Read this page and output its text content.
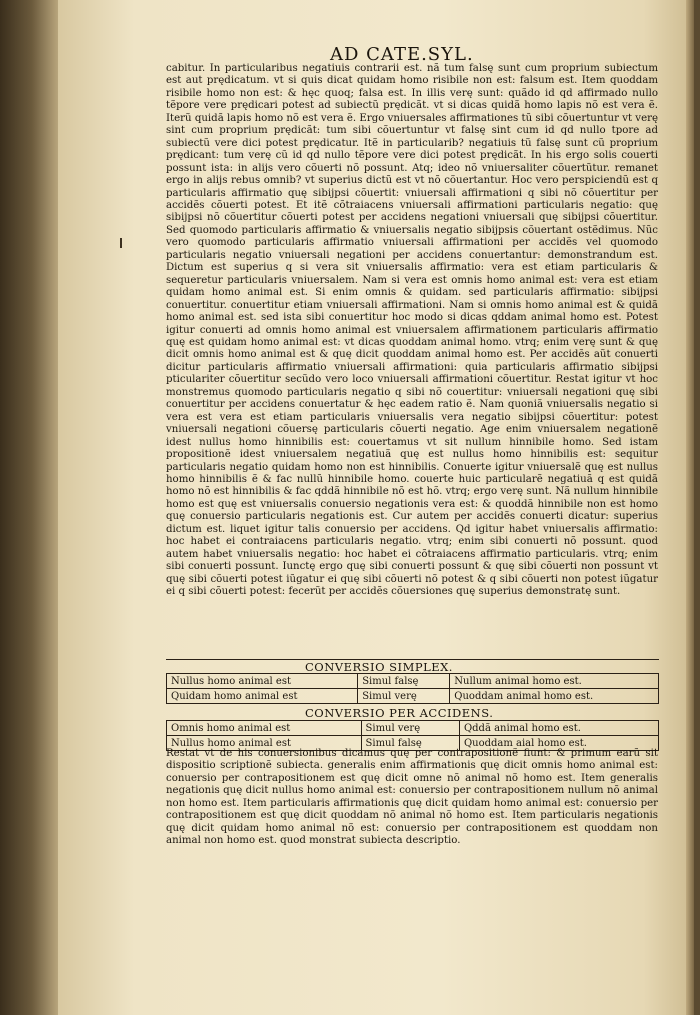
AD CATE.SYL.

cabitur. In particularibus negatiuis contrarii est. nã tum falsę sunt cum proprium subiectum est aut prędicatum. vt si quis dicat quidam homo risibile non est: falsum est. Item quoddam risibile homo non est: & hęc quoq; falsa est. In illis verę sunt: quãdo id qd affirmado nullo tẽpore vere prędicari potest ad subiectũ prędicãt. vt si dicas quidã homo lapis nõ est vera ẽ. Iterũ quidã lapis homo nõ est vera ẽ. Ergo vniuersales affirmationes tũ sibi cõuertuntur vt verę sint cum proprium prędicãt: tum sibi cõuertuntur vt falsę sint cum id qd nullo tpore ad subiectũ vere dici potest prędicatur. Itẽ in particularib? negatiuis tũ falsę sunt cũ proprium prędicant: tum verę cũ id qd nullo tẽpore vere dici potest prędicãt. In his ergo solis couerti possunt ista: in alijs vero cõuerti nõ possunt. Atq; ideo nõ vniuersaliter cõuertũtur. remanet ergo in alijs rebus omnib? vt superius dictũ est vt nõ cõuertantur. Hoc vero perspiciendũ est q particularis affirmatio quę sibijpsi cõuertit: vniuersali affirmationi q sibi nõ cõuertitur per accidẽs cõuerti potest. Et itẽ cõtraiacens vniuersali affirmationi particularis negatio: quę sibijpsi nõ cõuertitur cõuerti potest per accidens negationi vniuersali quę sibijpsi cõuertitur. Sed quomodo particularis affirmatio & vniuersalis negatio sibijpsis cõuertant ostẽdimus. Nũc vero quomodo particularis affirmatio vniuersali affirmationi per accidẽs vel quomodo particularis negatio vniuersali negationi per accidens conuertantur: demonstrandum est. Dictum est superius q si vera sit vniuersalis affirmatio: vera est etiam particularis & sequeretur particularis vniuersalem. Nam si vera est omnis homo animal est: vera est etiam quidam homo animal est. Si enim omnis & quidam. sed particularis affirmatio: sibijpsi conuertitur. conuertitur etiam vniuersali affirmationi. Nam si omnis homo animal est & quidã homo animal est. sed ista sibi conuertitur hoc modo si dicas qddam animal homo est. Potest igitur conuerti ad omnis homo animal est vniuersalem affirmationem particularis affirmatio quę est quidam homo animal est: vt dicas quoddam animal homo. vtrq; enim verę sunt & quę dicit omnis homo animal est & quę dicit quoddam animal homo est. Per accidẽs aũt conuerti dicitur particularis affirmatio vniuersali affirmationi: quia particularis affirmatio sibijpsi pticulariter cõuertitur secũdo vero loco vniuersali affirmationi cõuertitur. Restat igitur vt hoc monstremus quomodo particularis negatio q sibi nõ couertitur: vniuersali negationi quę sibi conuertitur per accidens conuertatur & hęc eadem ratio ẽ. Nam quoniã vniuersalis negatio si vera est vera est etiam particularis vniuersalis vera negatio sibijpsi cõuertitur: potest vniuersali negationi cõuersę particularis cõuerti negatio. Age enim vniuersalem negationẽ idest nullus homo hinnibilis est: couertamus vt sit nullum hinnibile homo. Sed istam propositionẽ idest vniuersalem negatiuã quę est nullus homo hinnibilis est: sequitur particularis negatio quidam homo non est hinnibilis. Conuerte igitur vniuersalẽ quę est nullus homo hinnibilis ẽ & fac nullũ hinnibile homo. couerte huic particularẽ negatiuã q est quidã homo nõ est hinnibilis & fac qddã hinnibile nõ est hõ. vtrq; ergo verę sunt. Nã nullum hinnibile homo est quę est vniuersalis conuersio negationis vera est: & quoddã hinnibile non est homo quę conuersio particularis negationis est. Cur autem per accidẽs conuerti dicatur: superius dictum est. liquet igitur talis conuersio per accidens. Qd igitur habet vniuersalis affirmatio: hoc habet ei contraiacens particularis negatio. vtrq; enim sibi conuerti nõ possunt. quod autem habet vniuersalis negatio: hoc habet ei cõtraiacens affirmatio particularis. vtrq; enim sibi conuerti possunt. Iunctę ergo quę sibi conuerti possunt & quę sibi cõuerti non possunt vt quę sibi cõuerti potest iũgatur ei quę sibi cõuerti nõ potest & q sibi cõuerti non potest iũgatur ei q sibi cõuerti potest: fecerũt per accidẽs cõuersiones quę superius demonstratę sunt.

CONVERSIO SIMPLEX.
Nullus homo animal est	Simul falsę	Nullum animal homo est.
Quidam homo animal est	Simul verę	Quoddam animal homo est.
CONVERSIO PER ACCIDENS.
Omnis homo animal est	Simul verę	Qddã animal homo est.
Nullus homo animal est	Simul falsę	Quoddam aial homo est.

Restat vt de his conuersionibus dicamus quę per contrapositionẽ fiunt: & primum earũ sit dispositio scriptionẽ subiecta. generalis enim affirmationis quę dicit omnis homo animal est: conuersio per contrapositionem est quę dicit omne nõ animal nõ homo est. Item generalis negationis quę dicit nullus homo animal est: conuersio per contrapositionem nullum nõ animal non homo est. Item particularis affirmationis quę dicit quidam homo animal est: conuersio per contrapositionem est quę dicit quoddam nõ animal nõ homo est. Item particularis negationis quę dicit quidam homo animal nõ est: conuersio per contrapositionem est quoddam non animal non homo est. quod monstrat subiecta descriptio.
